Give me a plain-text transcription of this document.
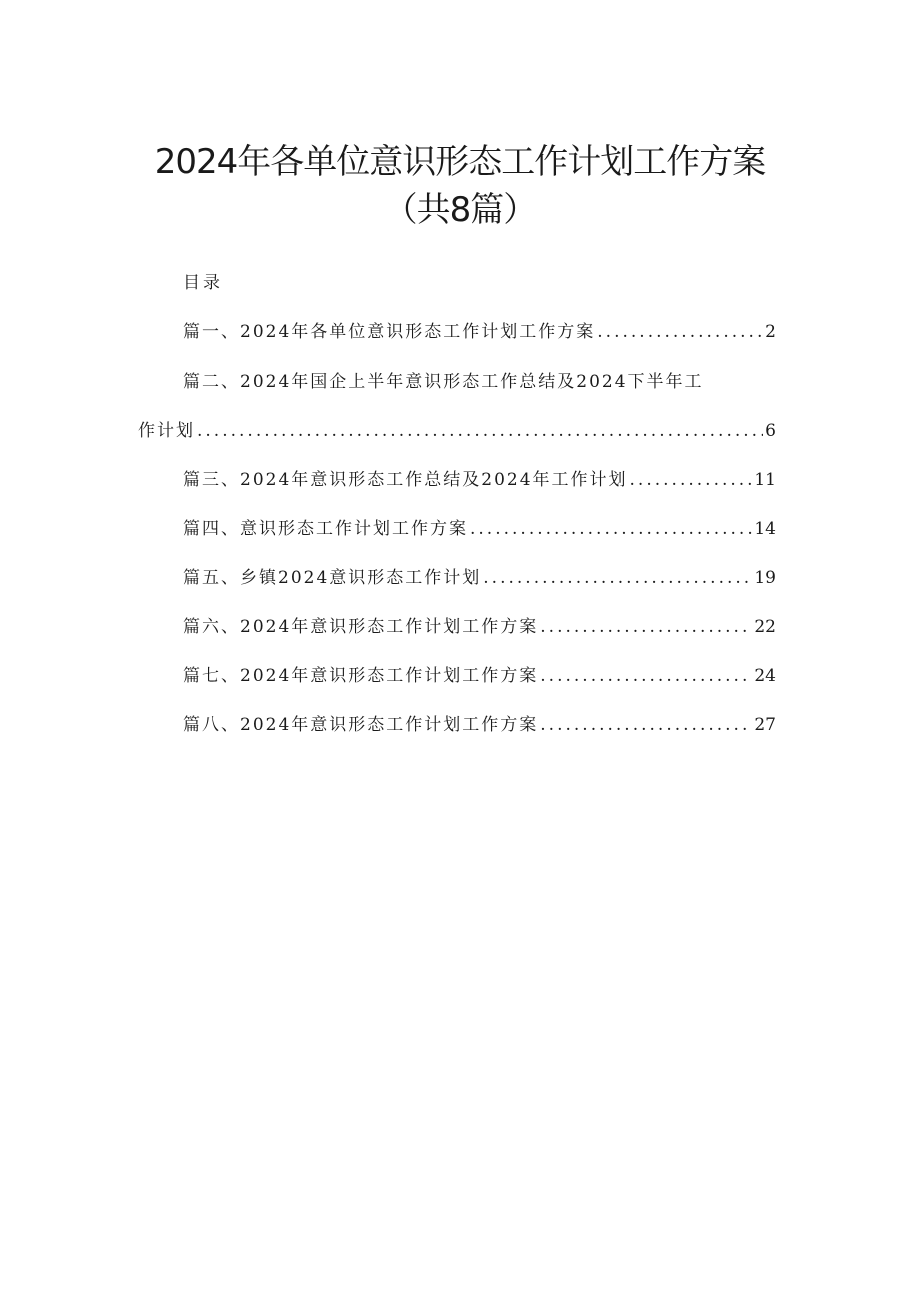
2024年各单位意识形态工作计划工作方案
（共8篇）
目录
篇一、2024年各单位意识形态工作计划工作方案 .....	2
篇二、2024年国企上半年意识形态工作总结及2024下半年工
作计划 .....	6
篇三、2024年意识形态工作总结及2024年工作计划 .....	11
篇四、意识形态工作计划工作方案 .....	14
篇五、乡镇2024意识形态工作计划 .....	19
篇六、2024年意识形态工作计划工作方案 .....	22
篇七、2024年意识形态工作计划工作方案 .....	24
篇八、2024年意识形态工作计划工作方案 .....	27
